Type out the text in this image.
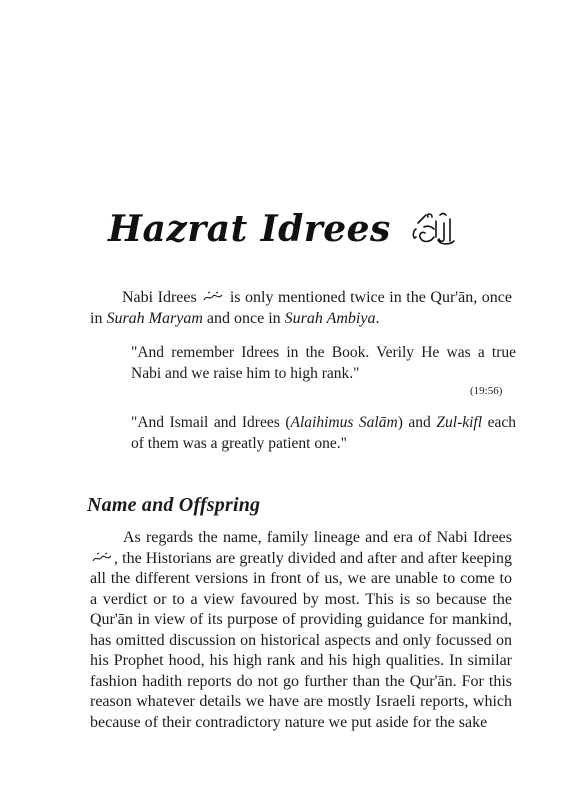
Hazrat Idrees
Nabi Idrees is only mentioned twice in the Qur'ān, once in Surah Maryam and once in Surah Ambiya.
"And remember Idrees in the Book. Verily He was a true Nabi and we raise him to high rank."
(19:56)
"And Ismail and Idrees (Alaihimus Salām) and Zul-kifl each of them was a greatly patient one."
Name and Offspring
As regards the name, family lineage and era of Nabi Idrees , the Historians are greatly divided and after and after keeping all the different versions in front of us, we are unable to come to a verdict or to a view favoured by most. This is so because the Qur'ān in view of its purpose of providing guidance for mankind, has omitted discussion on historical aspects and only focussed on his Prophet hood, his high rank and his high qualities. In similar fashion hadith reports do not go further than the Qur'ān. For this reason whatever details we have are mostly Israeli reports, which because of their contradictory nature we put aside for the sake
